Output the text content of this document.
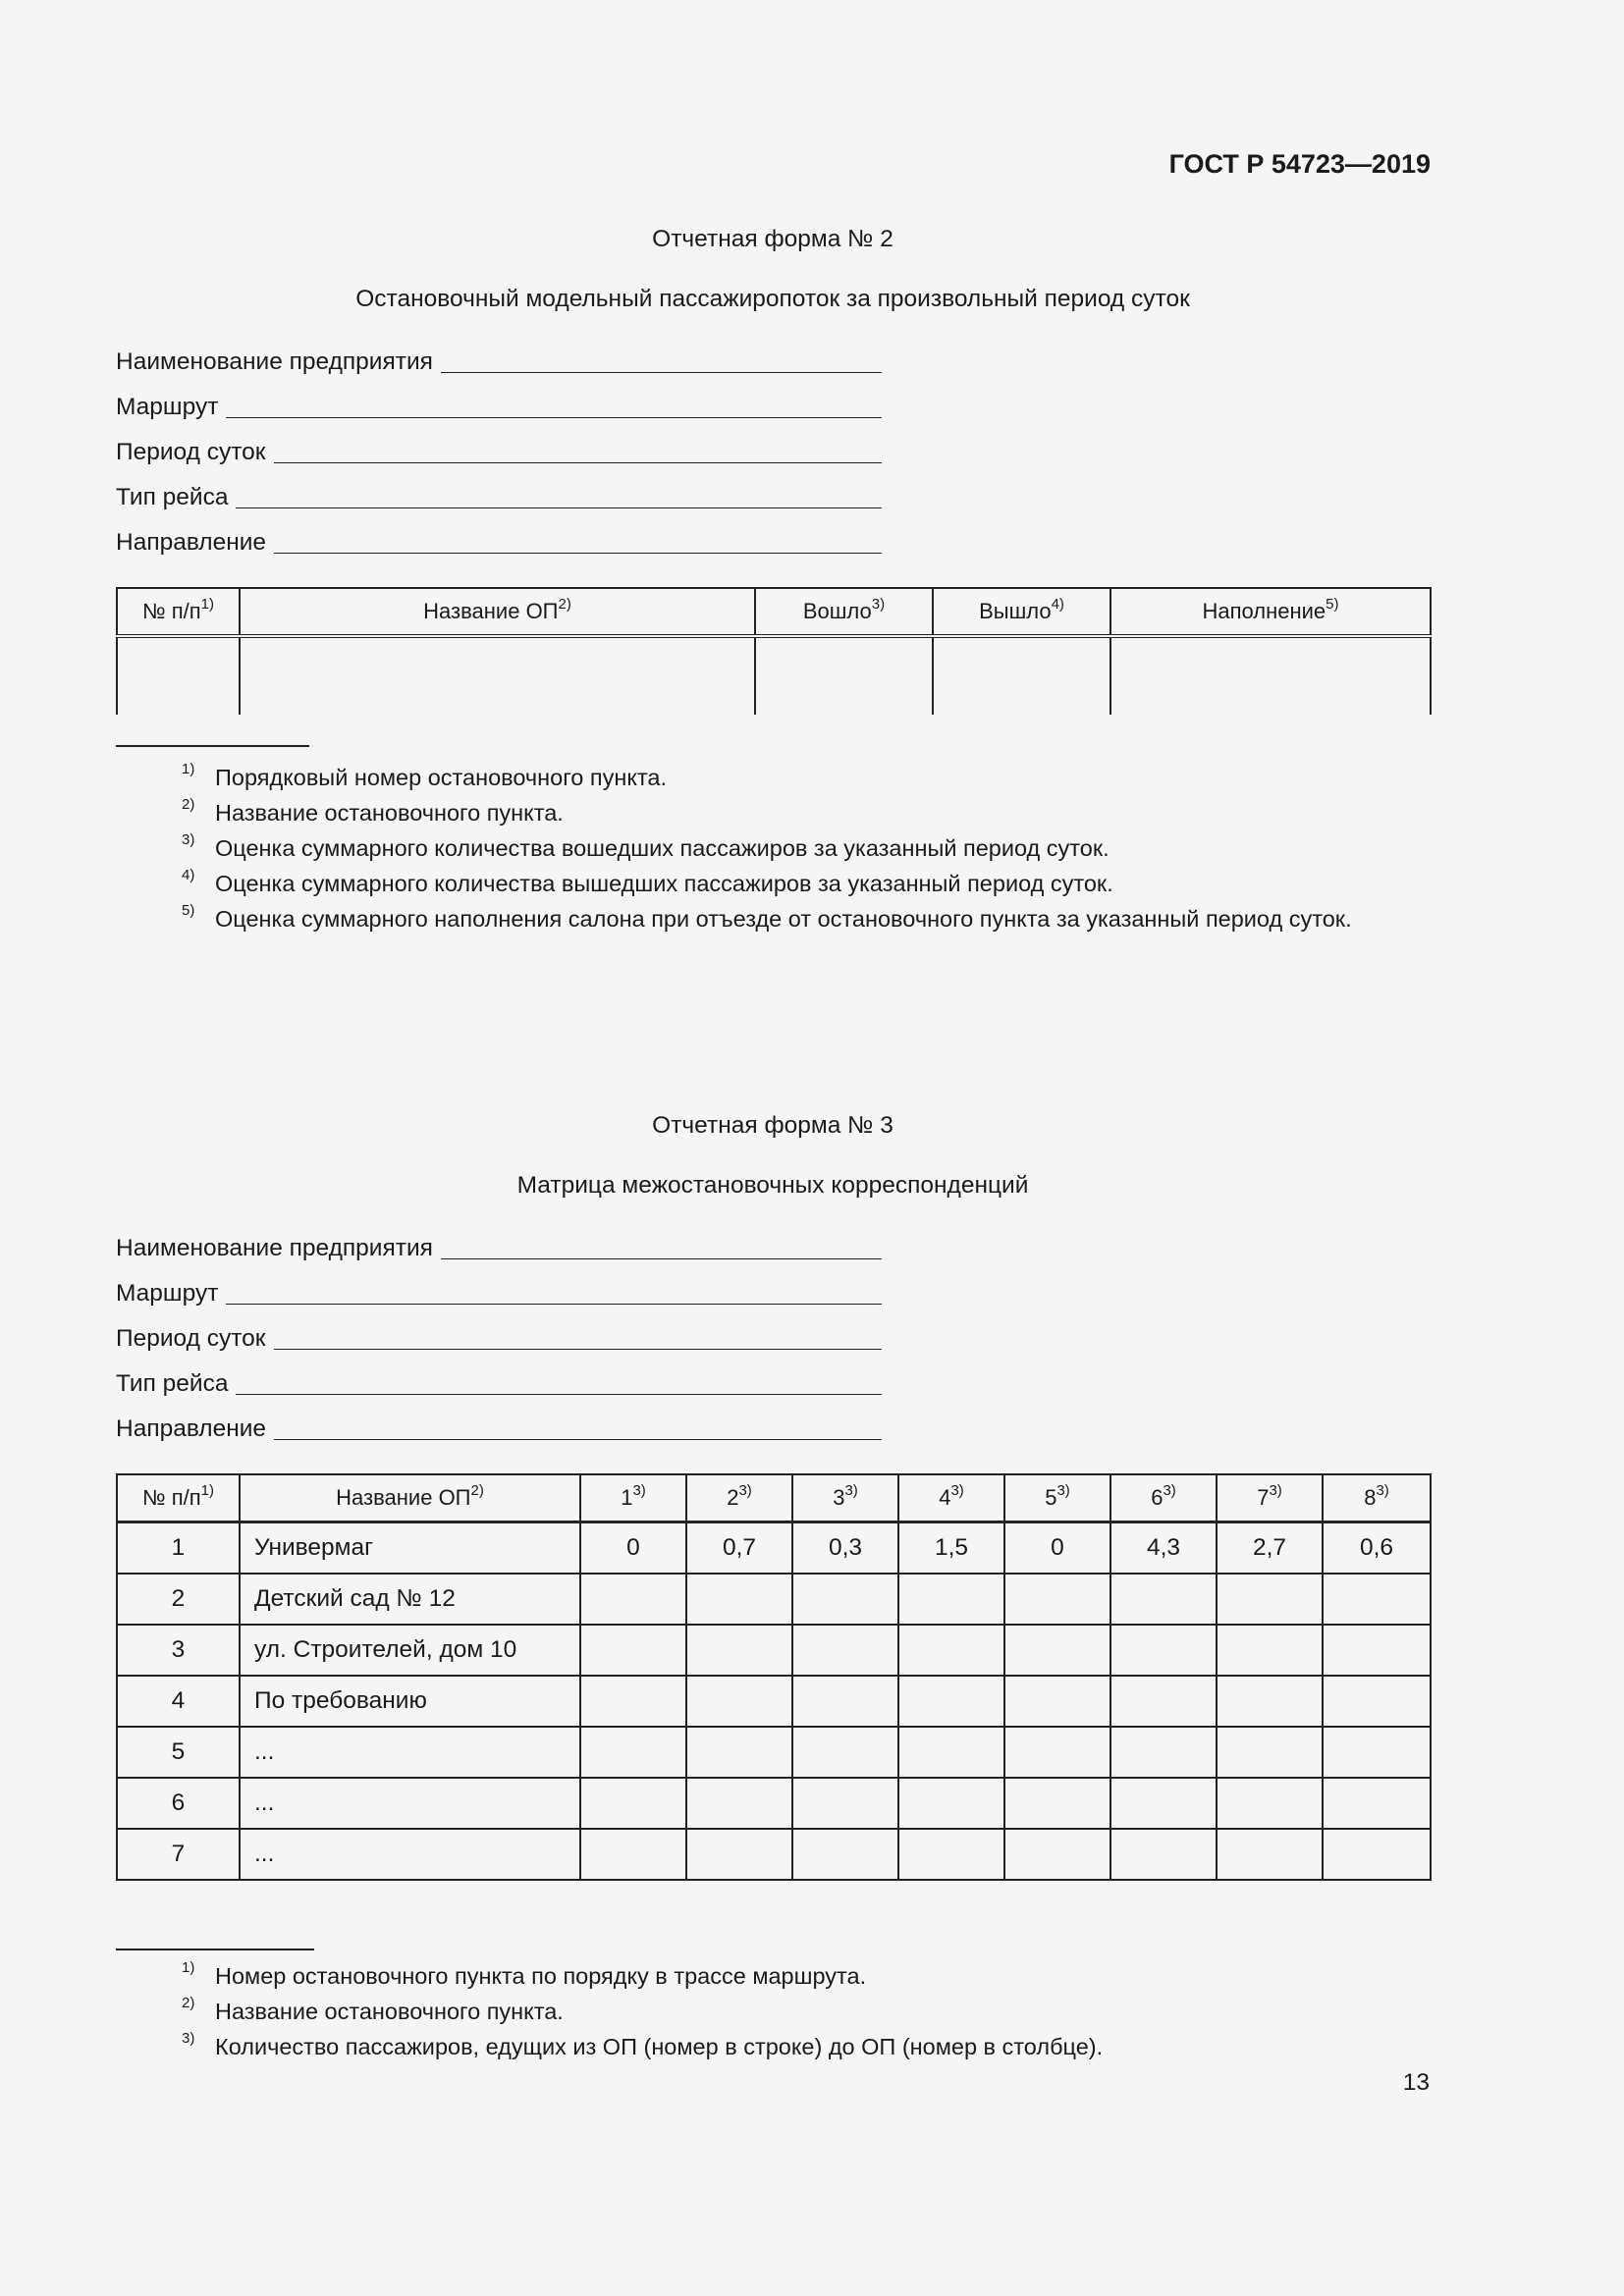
ГОСТ Р 54723—2019
Отчетная форма № 2
Остановочный модельный пассажиропоток за произвольный период суток
Наименование предприятия
Маршрут
Период суток
Тип рейса
Направление
№ $п/п^{1)}$	Название ОП$^{2)}$	Вошло$^{3)}$	Вышло$^{4)}$	Наполнение$^{5)}$

1) Порядковый номер остановочного пункта.
2) Название остановочного пункта.
3) Оценка суммарного количества вошедших пассажиров за указанный период суток.
4) Оценка суммарного количества вышедших пассажиров за указанный период суток.
5) Оценка суммарного наполнения салона при отъезде от остановочного пункта за указанный период суток.
Отчетная форма № 3
Матрица межостановочных корреспонденций
Наименование предприятия
Маршрут
Период суток
Тип рейса
Направление
№ $п/п^{1)}$	Название ОП$^{2)}$	1$^{3)}$	2$^{3)}$	3$^{3)}$	4$^{3)}$	5$^{3)}$	6$^{3)}$	7$^{3)}$	8$^{3)}$
1	Универмаг	0	0,7	0,3	1,5	0	4,3	2,7	0,6
2	Детский сад № 12								
3	ул. Строителей, дом 10								
4	По требованию								
5	...								
6	...								
7	...								
1) Номер остановочного пункта по порядку в трассе маршрута.
2) Название остановочного пункта.
3) Количество пассажиров, едущих из ОП (номер в строке) до ОП (номер в столбце).
13
